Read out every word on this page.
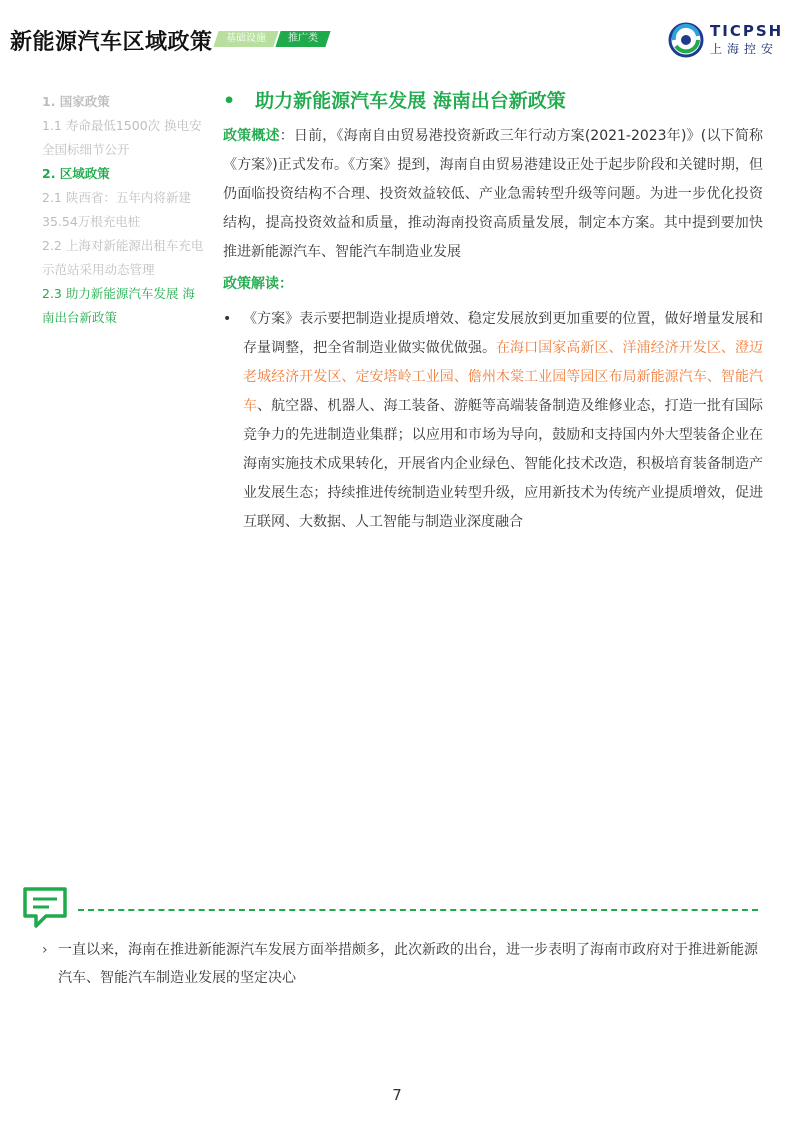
新能源汽车区域政策	基础设施	推广类	TICPSH
上海控安
1. 国家政策
1.1 寿命最低1500次 换电安全国标细节公开
2. 区域政策
2.1 陕西省：五年内将新建35.54万根充电桩
2.2 上海对新能源出租车充电示范站采用动态管理
2.3 助力新能源汽车发展 海南出台新政策
• 助力新能源汽车发展 海南出台新政策
政策概述：日前，《海南自由贸易港投资新政三年行动方案(2021-2023年)》(以下简称《方案》)正式发布。《方案》提到，海南自由贸易港建设正处于起步阶段和关键时期，但仍面临投资结构不合理、投资效益较低、产业急需转型升级等问题。为进一步优化投资结构，提高投资效益和质量，推动海南投资高质量发展，制定本方案。其中提到要加快推进新能源汽车、智能汽车制造业发展
政策解读：
• 《方案》表示要把制造业提质增效、稳定发展放到更加重要的位置，做好增量发展和存量调整，把全省制造业做实做优做强。在海口国家高新区、洋浦经济开发区、澄迈老城经济开发区、定安塔岭工业园、儋州木棠工业园等园区布局新能源汽车、智能汽车、航空器、机器人、海工装备、游艇等高端装备制造及维修业态，打造一批有国际竞争力的先进制造业集群；以应用和市场为导向，鼓励和支持国内外大型装备企业在海南实施技术成果转化，开展省内企业绿色、智能化技术改造，积极培育装备制造产业发展生态；持续推进传统制造业转型升级，应用新技术为传统产业提质增效，促进互联网、大数据、人工智能与制造业深度融合
› 一直以来，海南在推进新能源汽车发展方面举措颇多，此次新政的出台，进一步表明了海南市政府对于推进新能源汽车、智能汽车制造业发展的坚定决心
7
